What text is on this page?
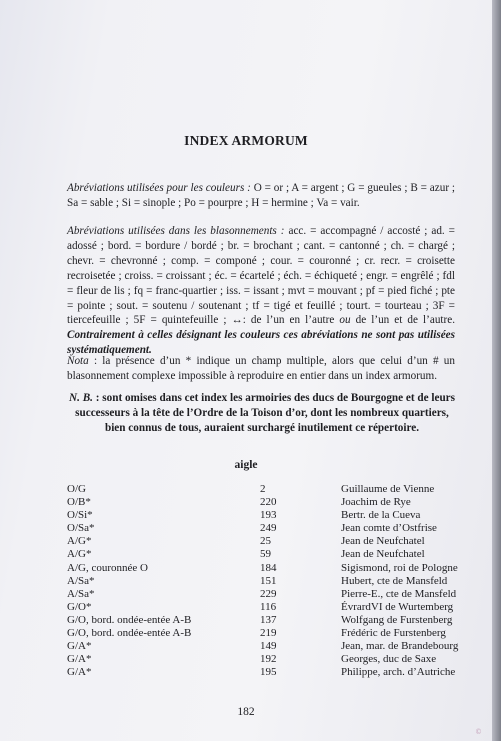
INDEX ARMORUM
Abréviations utilisées pour les couleurs : O = or ; A = argent ; G = gueules ; B = azur ; Sa = sable ; Si = sinople ; Po = pourpre ; H = hermine ; Va = vair.
Abréviations utilisées dans les blasonnements : acc. = accompagné / accosté ; ad. = adossé ; bord. = bordure / bordé ; br. = brochant ; cant. = cantonné ; ch. = chargé ; chevr. = chevronné ; comp. = componé ; cour. = couronné ; cr. recr. = croisette recroisetée ; croiss. = croissant ; éc. = écartelé ; éch. = échiqueté ; engr. = engrêlé ; fdl = fleur de lis ; fq = franc-quartier ; iss. = issant ; mvt = mouvant ; pf = pied fiché ; pte = pointe ; sout. = soutenu / soutenant ; tf = tigé et feuillé ; tourt. = tourteau ; 3F = tiercefeuille ; 5F = quintefeuille ; ↔: de l’un en l’autre ou de l’un et de l’autre. Contrairement à celles désignant les couleurs ces abréviations ne sont pas utilisées systématiquement.
Nota : la présence d’un * indique un champ multiple, alors que celui d’un # un blasonnement complexe impossible à reproduire en entier dans un index armorum.
N. B. : sont omises dans cet index les armoiries des ducs de Bourgogne et de leurs successeurs à la tête de l’Ordre de la Toison d’or, dont les nombreux quartiers, bien connus de tous, auraient surchargé inutilement ce répertoire.
aigle
O/G	2	Guillaume de Vienne
O/B*	220	Joachim de Rye
O/Si*	193	Bertr. de la Cueva
O/Sa*	249	Jean comte d’Ostfrise
A/G*	25	Jean de Neufchatel
A/G*	59	Jean de Neufchatel
A/G, couronnée O	184	Sigismond, roi de Pologne
A/Sa*	151	Hubert, cte de Mansfeld
A/Sa*	229	Pierre-E., cte de Mansfeld
G/O*	116	ÉvrardVI de Wurtemberg
G/O, bord. ondée-entée A-B	137	Wolfgang de Furstenberg
G/O, bord. ondée-entée A-B	219	Frédéric de Furstenberg
G/A*	149	Jean, mar. de Brandebourg
G/A*	192	Georges, duc de Saxe
G/A*	195	Philippe, arch. d’Autriche
182
©
